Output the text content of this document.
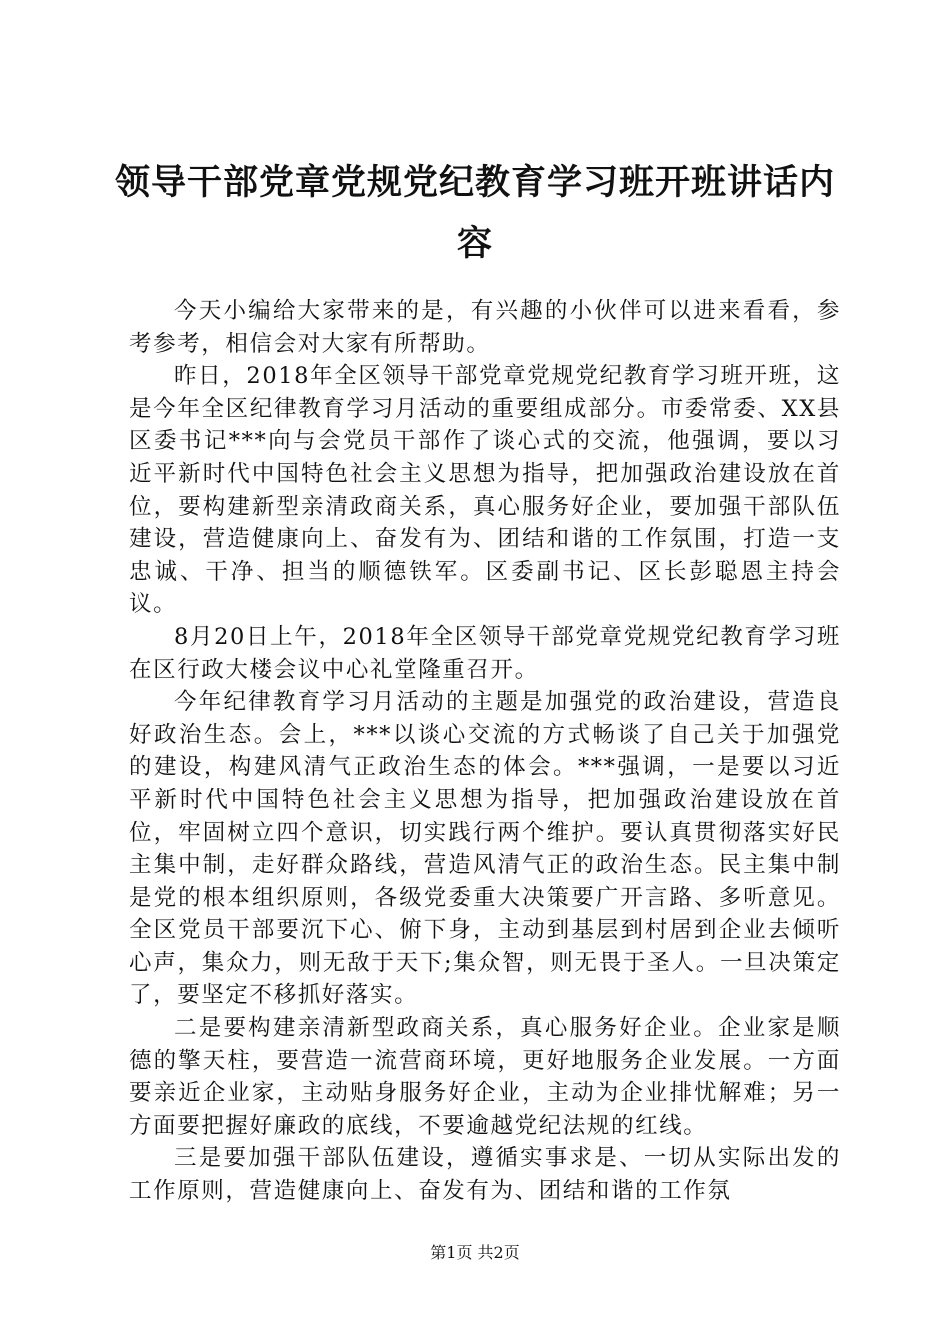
领导干部党章党规党纪教育学习班开班讲话内容

今天小编给大家带来的是，有兴趣的小伙伴可以进来看看，参考参考，相信会对大家有所帮助。

昨日，2018年全区领导干部党章党规党纪教育学习班开班，这是今年全区纪律教育学习月活动的重要组成部分。市委常委、XX县区委书记***向与会党员干部作了谈心式的交流，他强调，要以习近平新时代中国特色社会主义思想为指导，把加强政治建设放在首位，要构建新型亲清政商关系，真心服务好企业，要加强干部队伍建设，营造健康向上、奋发有为、团结和谐的工作氛围，打造一支忠诚、干净、担当的顺德铁军。区委副书记、区长彭聪恩主持会议。

8月20日上午，2018年全区领导干部党章党规党纪教育学习班在区行政大楼会议中心礼堂隆重召开。

今年纪律教育学习月活动的主题是加强党的政治建设，营造良好政治生态。会上，***以谈心交流的方式畅谈了自己关于加强党的建设，构建风清气正政治生态的体会。***强调，一是要以习近平新时代中国特色社会主义思想为指导，把加强政治建设放在首位，牢固树立四个意识，切实践行两个维护。要认真贯彻落实好民主集中制，走好群众路线，营造风清气正的政治生态。民主集中制是党的根本组织原则，各级党委重大决策要广开言路、多听意见。全区党员干部要沉下心、俯下身，主动到基层到村居到企业去倾听心声，集众力，则无敌于天下;集众智，则无畏于圣人。一旦决策定了，要坚定不移抓好落实。

二是要构建亲清新型政商关系，真心服务好企业。企业家是顺德的擎天柱，要营造一流营商环境，更好地服务企业发展。一方面要亲近企业家，主动贴身服务好企业，主动为企业排忧解难；另一方面要把握好廉政的底线，不要逾越党纪法规的红线。

三是要加强干部队伍建设，遵循实事求是、一切从实际出发的工作原则，营造健康向上、奋发有为、团结和谐的工作氛

第1页 共2页
